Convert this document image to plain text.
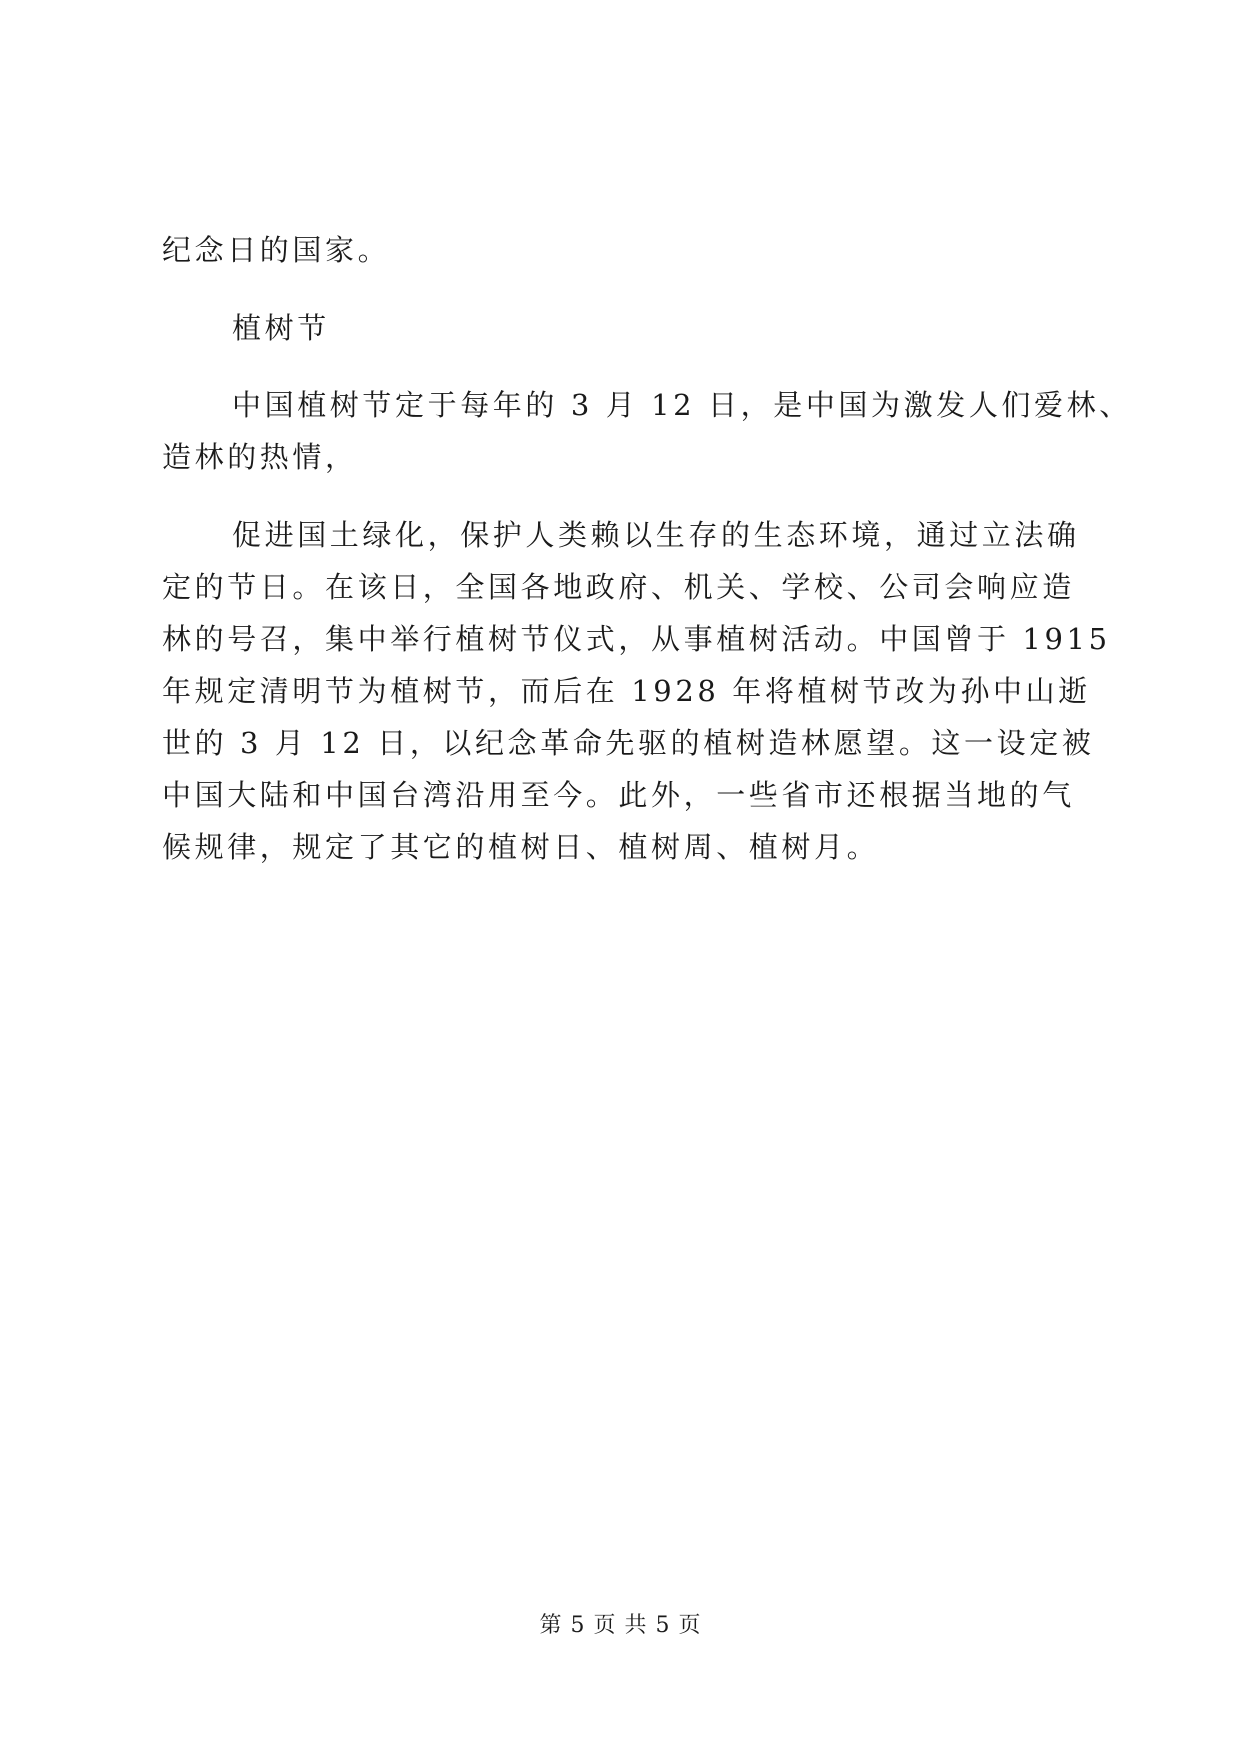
纪念日的国家。
植树节
中国植树节定于每年的 3 月 12 日，是中国为激发人们爱林、
造林的热情，
促进国土绿化，保护人类赖以生存的生态环境，通过立法确
定的节日。在该日，全国各地政府、机关、学校、公司会响应造
林的号召，集中举行植树节仪式，从事植树活动。中国曾于 1915
年规定清明节为植树节，而后在 1928 年将植树节改为孙中山逝
世的 3 月 12 日，以纪念革命先驱的植树造林愿望。这一设定被
中国大陆和中国台湾沿用至今。此外，一些省市还根据当地的气
候规律，规定了其它的植树日、植树周、植树月。
第 5 页 共 5 页
